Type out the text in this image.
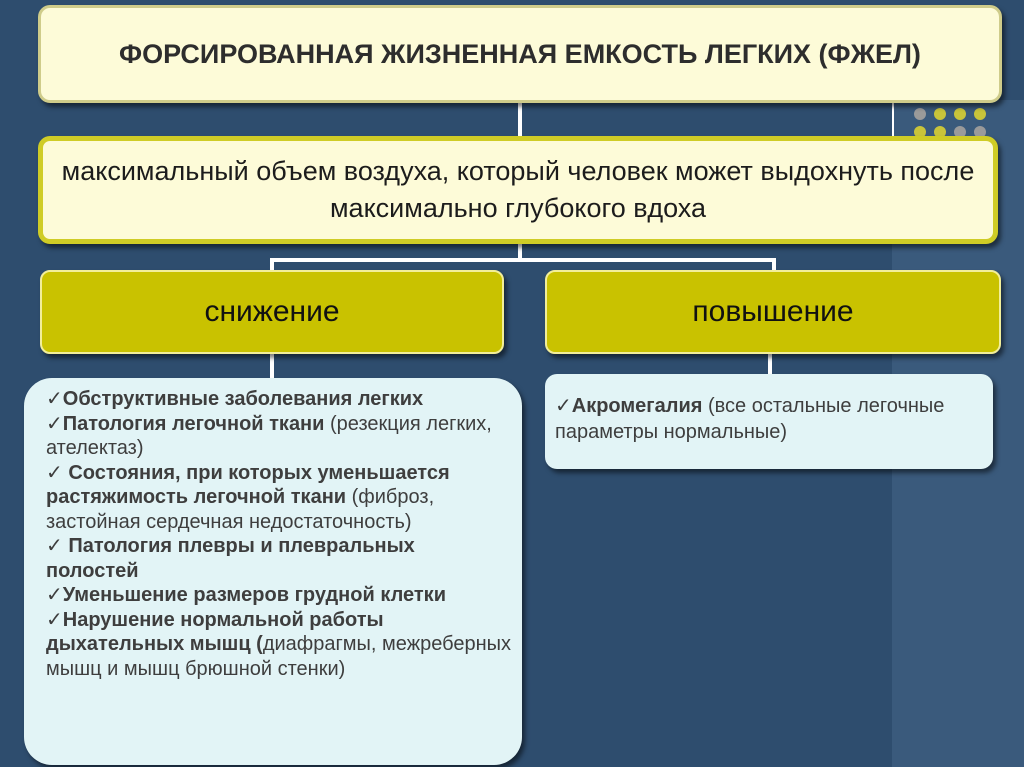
ФОРСИРОВАННАЯ ЖИЗНЕННАЯ ЕМКОСТЬ ЛЕГКИХ (ФЖЕЛ)
максимальный объем воздуха, который человек может выдохнуть после максимально глубокого вдоха
снижение	повышение

✓Обструктивные заболевания легких

✓Патология легочной ткани (резекция легких, ателектаз)

✓ Состояния, при которых уменьшается растяжимость легочной ткани (фиброз, застойная сердечная недостаточность)

✓ Патология плевры и плевральных полостей

✓Уменьшение размеров грудной клетки

✓Нарушение нормальной работы дыхательных мышц (диафрагмы, межреберных мышц и мышц брюшной стенки)

✓Акромегалия (все остальные легочные параметры нормальные)
